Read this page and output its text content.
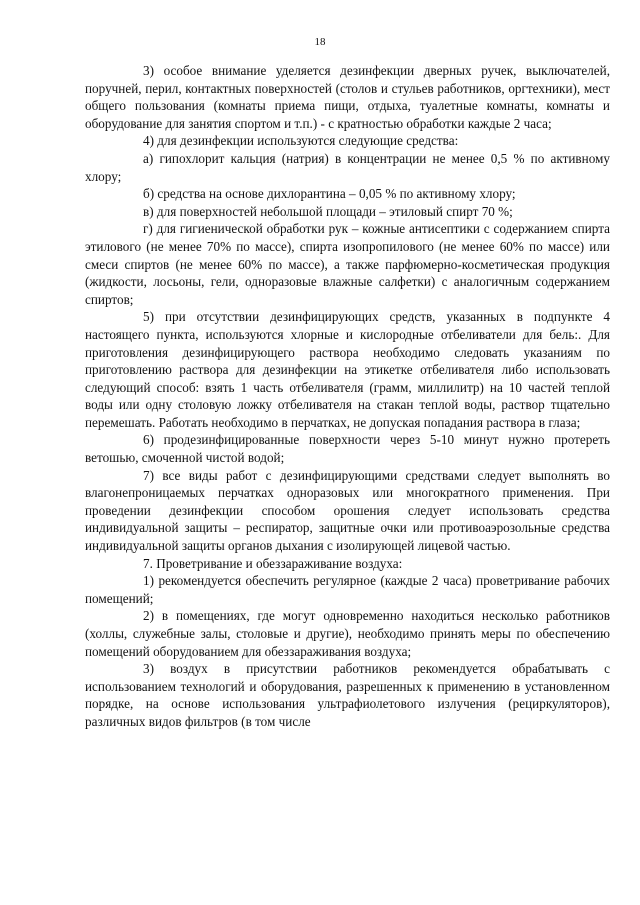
18

3) особое внимание уделяется дезинфекции дверных ручек, выключателей, поручней, перил, контактных поверхностей (столов и стульев работников, оргтехники), мест общего пользования (комнаты приема пищи, отдыха, туалетные комнаты, комнаты и оборудование для занятия спортом и т.п.) - с кратностью обработки каждые 2 часа;

4) для дезинфекции используются следующие средства:

а) гипохлорит кальция (натрия) в концентрации не менее 0,5 % по активному хлору;

б) средства на основе дихлорантина – 0,05 % по активному хлору;

в) для поверхностей небольшой площади – этиловый спирт 70 %;

г) для гигиенической обработки рук – кожные антисептики с содержанием спирта этилового (не менее 70% по массе), спирта изопропилового (не менее 60% по массе) или смеси спиртов (не менее 60% по массе), а также парфюмерно-косметическая продукция (жидкости, лосьоны, гели, одноразовые влажные салфетки) с аналогичным содержанием спиртов;

5) при отсутствии дезинфицирующих средств, указанных в подпункте 4 настоящего пункта, используются хлорные и кислородные отбеливатели для бель:. Для приготовления дезинфицирующего раствора необходимо следовать указаниям по приготовлению раствора для дезинфекции на этикетке отбеливателя либо использовать следующий способ: взять 1 часть отбеливателя (грамм, миллилитр) на 10 частей теплой воды или одну столовую ложку отбеливателя на стакан теплой воды, раствор тщательно перемешать. Работать необходимо в перчатках, не допуская попадания раствора в глаза;

6) продезинфицированные поверхности через 5-10 минут нужно протереть ветошью, смоченной чистой водой;

7) все виды работ с дезинфицирующими средствами следует выполнять во влагонепроницаемых перчатках одноразовых или многократного применения. При проведении дезинфекции способом орошения следует использовать средства индивидуальной защиты – респиратор, защитные очки или противоаэрозольные средства индивидуальной защиты органов дыхания с изолирующей лицевой частью.

7. Проветривание и обеззараживание воздуха:

1) рекомендуется обеспечить регулярное (каждые 2 часа) проветривание рабочих помещений;

2) в помещениях, где могут одновременно находиться несколько работников (холлы, служебные залы, столовые и другие), необходимо принять меры по обеспечению помещений оборудованием для обеззараживания воздуха;

3) воздух в присутствии работников рекомендуется обрабатывать с использованием технологий и оборудования, разрешенных к применению в установленном порядке, на основе использования ультрафиолетового излучения (рециркуляторов), различных видов фильтров (в том числе
